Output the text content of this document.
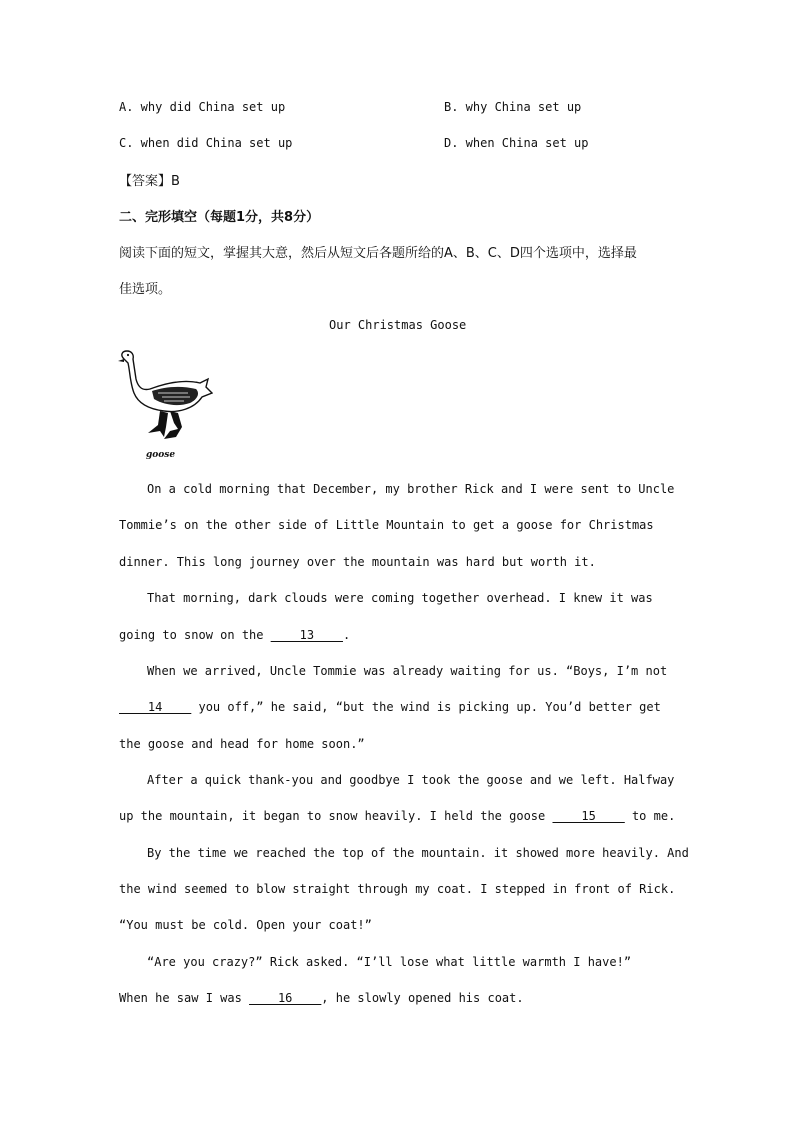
A. why did China set up	B. why China set up
C. when did China set up	D. when China set up
【答案】B
二、完形填空（每题1分，共8分）
阅读下面的短文，掌握其大意，然后从短文后各题所给的A、B、C、D四个选项中，选择最
佳选项。
Our Christmas Goose
goose
On a cold morning that December, my brother Rick and I were sent to Uncle
Tommie’s on the other side of Little Mountain to get a goose for Christmas
dinner. This long journey over the mountain was hard but worth it.
That morning, dark clouds were coming together overhead. I knew it was
going to snow on the ____13____.
When we arrived, Uncle Tommie was already waiting for us. “Boys, I’m not
____14____ you off,” he said, “but the wind is picking up. You’d better get
the goose and head for home soon.”
After a quick thank-you and goodbye I took the goose and we left. Halfway
up the mountain, it began to snow heavily. I held the goose ____15____ to me.
By the time we reached the top of the mountain. it showed more heavily. And
the wind seemed to blow straight through my coat. I stepped in front of Rick.
“You must be cold. Open your coat!”
“Are you crazy?” Rick asked. “I’ll lose what little warmth I have!”
When he saw I was ____16____, he slowly opened his coat.
